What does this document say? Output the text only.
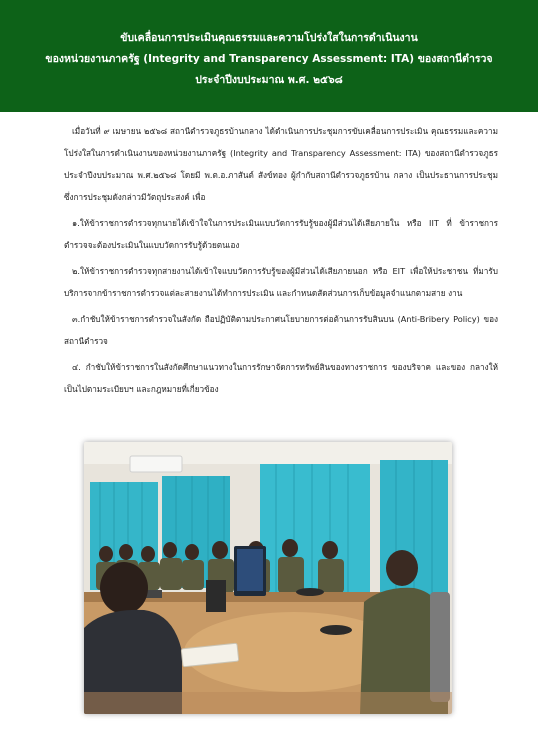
ขับเคลื่อนการประเมินคุณธรรมและความโปร่งใสในการดำเนินงาน
ของหน่วยงานภาครัฐ (Integrity and Transparency Assessment: ITA) ของสถานีตำรวจ
ประจำปีงบประมาณ พ.ศ. ๒๕๖๘

เมื่อวันที่ ๙ เมษายน ๒๕๖๘ สถานีตำรวจภูธรบ้านกลาง ได้ดำเนินการประชุมการขับเคลื่อนการประเมิน คุณธรรมและความโปร่งใสในการดำเนินงานของหน่วยงานภาครัฐ (Integrity and Transparency Assessment: ITA) ของสถานีตำรวจภูธร ประจำปีงบประมาณ พ.ศ.๒๕๖๘ โดยมี พ.ต.อ.ภาสันต์ สังข์ทอง ผู้กำกับสถานีตำรวจภูธรบ้าน กลาง เป็นประธานการประชุม ซึ่งการประชุมดังกล่าวมีวัตถุประสงค์ เพื่อ

๑.ให้ข้าราชการตำรวจทุกนายได้เข้าใจในการประเมินแบบวัดการรับรู้ของผู้มีส่วนได้เสียภายใน หรือ IIT ที่ ข้าราชการตำรวจจะต้องประเมินในแบบวัดการรับรู้ด้วยตนเอง

๒.ให้ข้าราชการตำรวจทุกสายงานได้เข้าใจแบบวัดการรับรู้ของผู้มีส่วนได้เสียภายนอก หรือ EIT เพื่อให้ประชาชน ที่มารับบริการจากข้าราชการตำรวจแต่ละสายงานได้ทำการประเมิน และกำหนดสัดส่วนการเก็บข้อมูลจำแนกตามสาย งาน

๓.กำชับให้ข้าราชการตำรวจในสังกัด ถือปฏิบัติตามประกาศนโยบายการต่อต้านการรับสินบน (Anti-Bribery Policy) ของสถานีตำรวจ

๔. กำชับให้ข้าราชการในสังกัดศึกษาแนวทางในการรักษาจัดการทรัพย์สินของทางราชการ ของบริจาค และของ กลางให้เป็นไปตามระเบียบฯ และกฎหมายที่เกี่ยวข้อง
